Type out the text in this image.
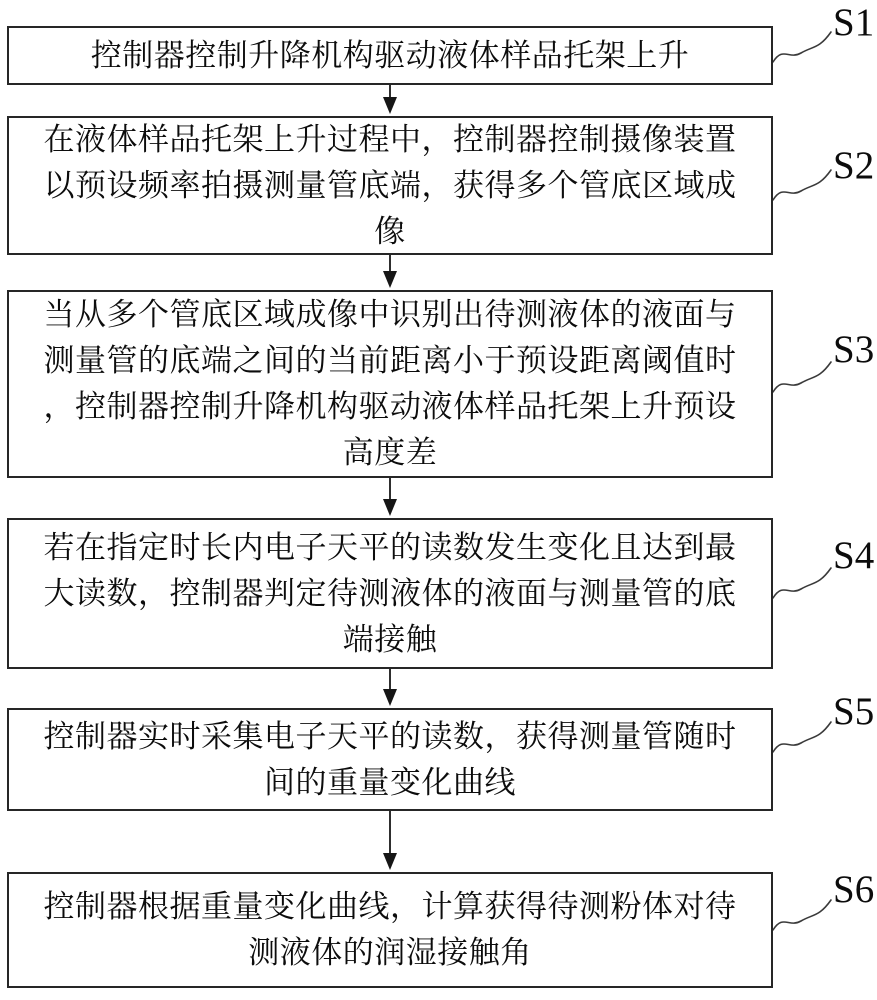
控制器控制升降机构驱动液体样品托架上升
在液体样品托架上升过程中，控制器控制摄像装置
以预设频率拍摄测量管底端，获得多个管底区域成
像
当从多个管底区域成像中识别出待测液体的液面与
测量管的底端之间的当前距离小于预设距离阈值时
，控制器控制升降机构驱动液体样品托架上升预设
高度差
若在指定时长内电子天平的读数发生变化且达到最
大读数，控制器判定待测液体的液面与测量管的底
端接触
控制器实时采集电子天平的读数，获得测量管随时
间的重量变化曲线
控制器根据重量变化曲线，计算获得待测粉体对待
测液体的润湿接触角
S1
S2
S3
S4
S5
S6
